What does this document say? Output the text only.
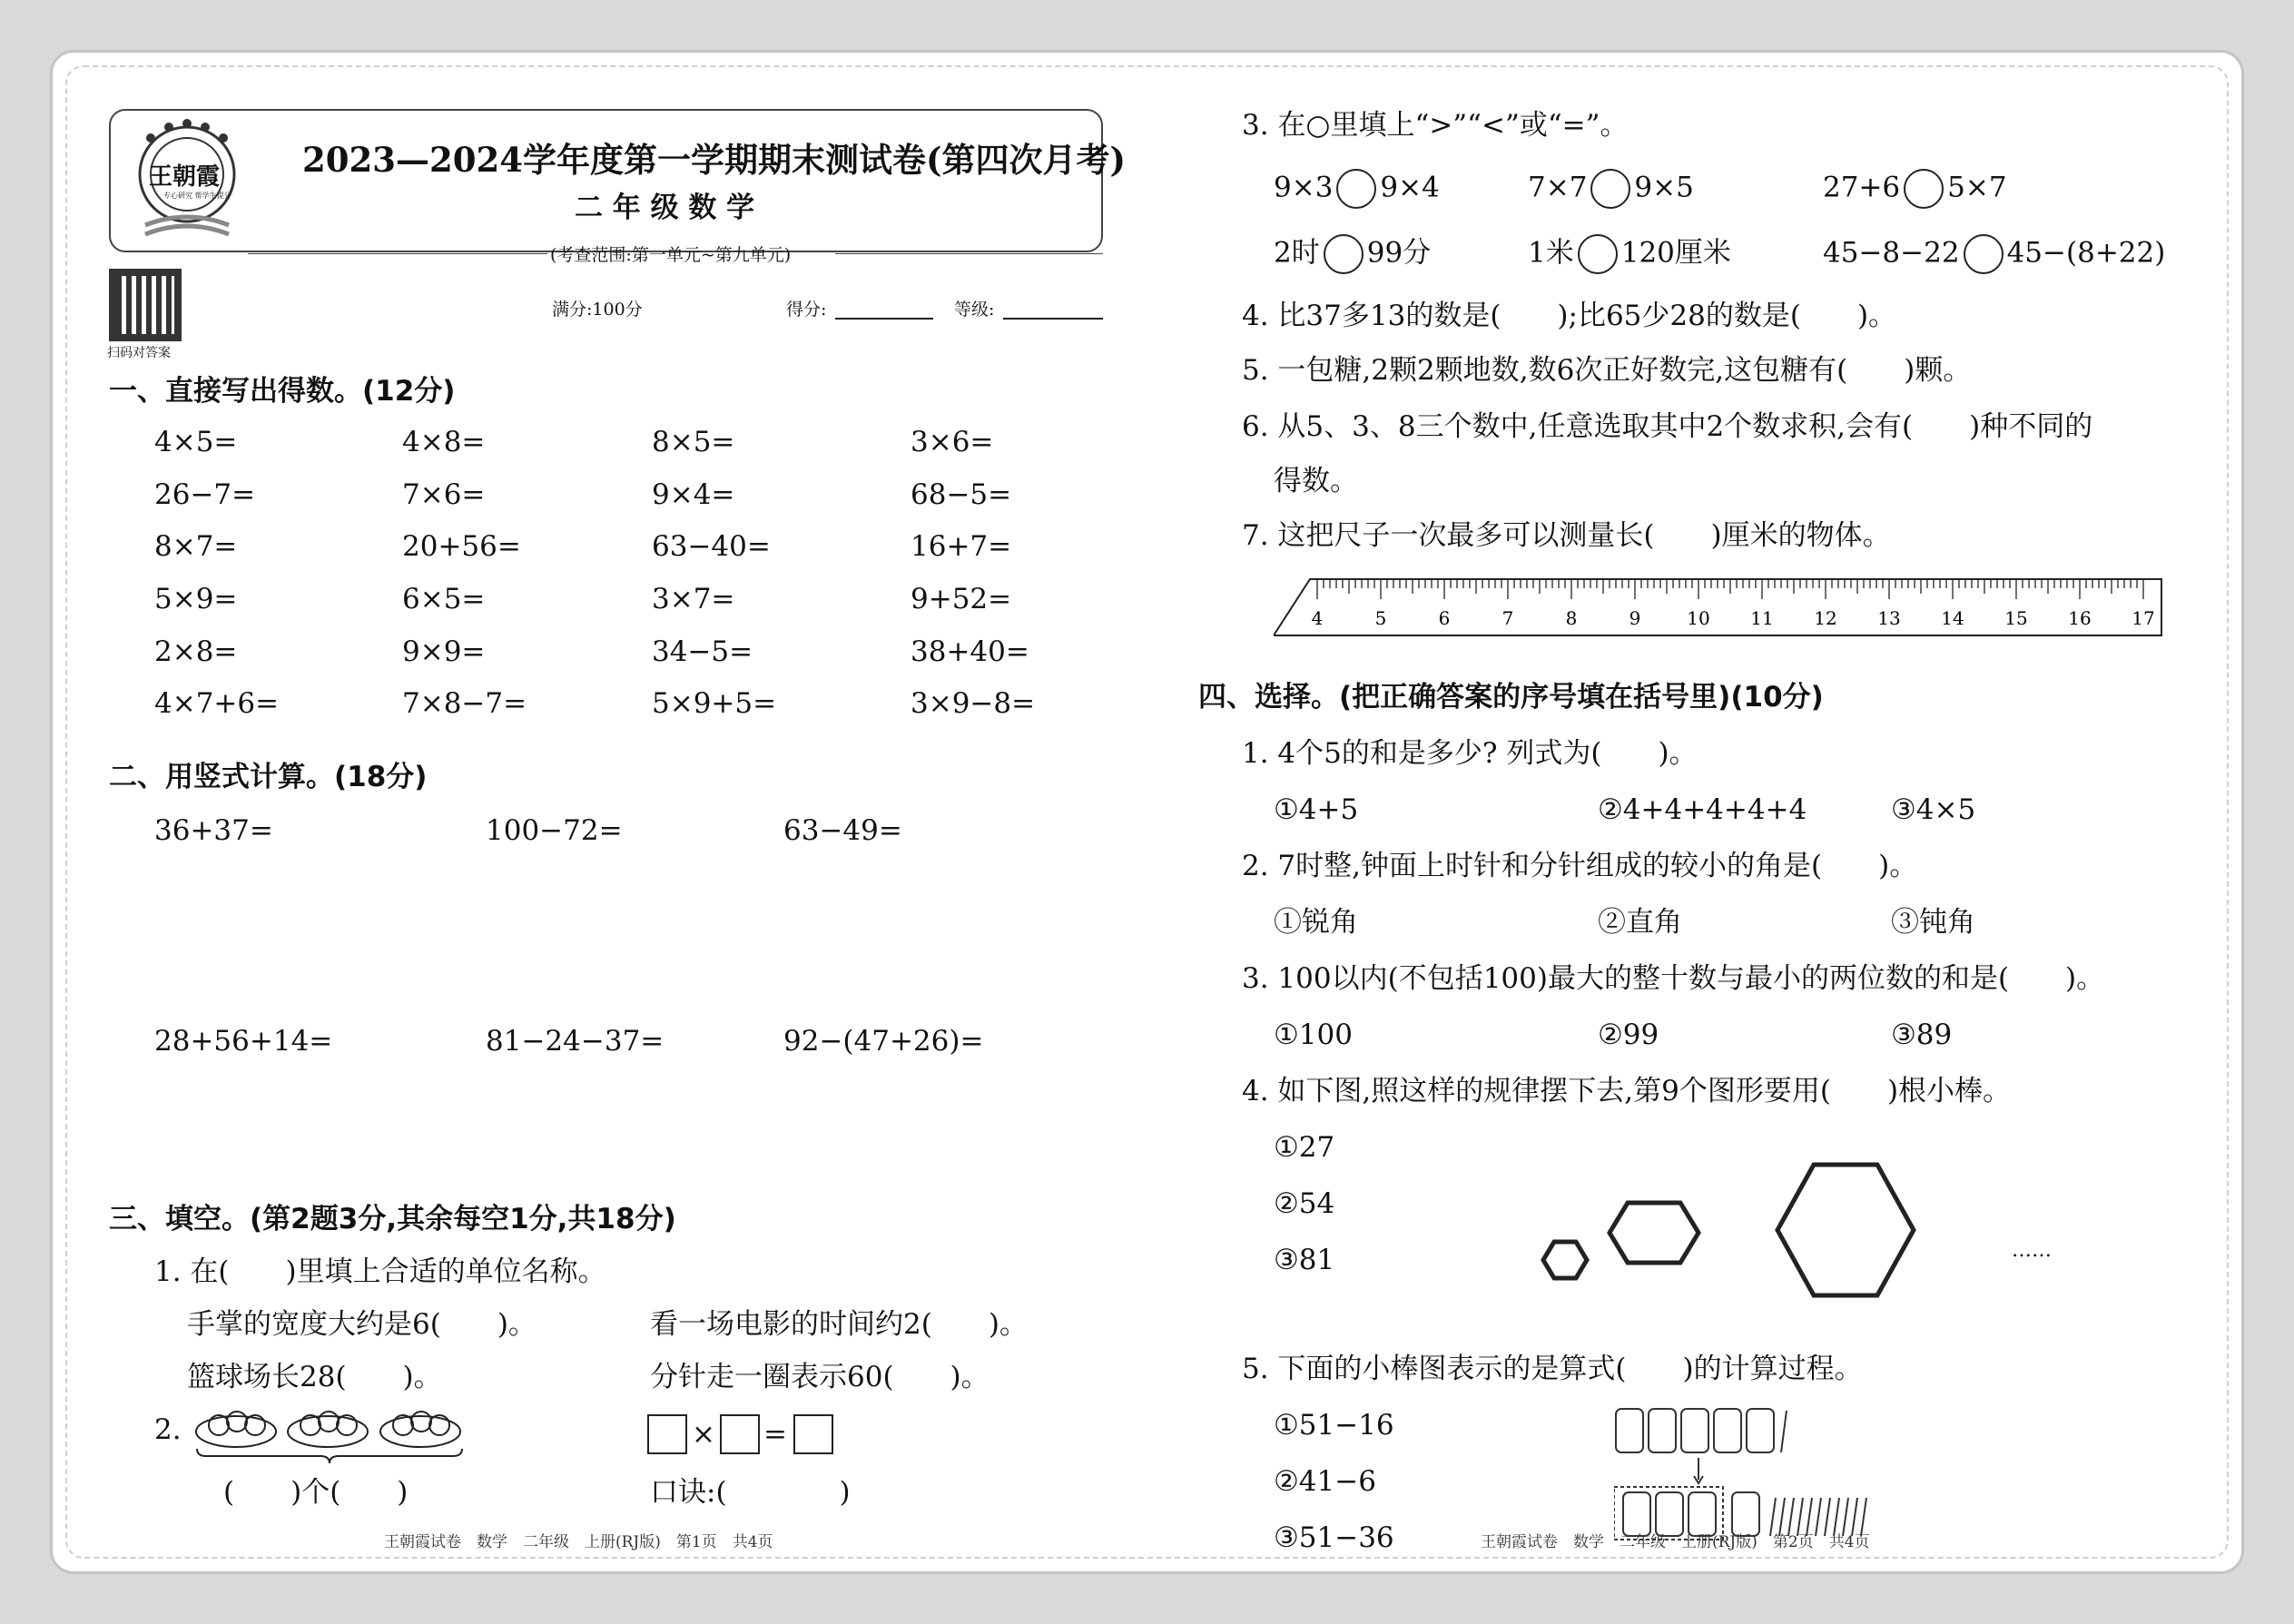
王朝霞
专心研究 帮学生提分
2023—2024学年度第一学期期末测试卷(第四次月考)
二 年 级 数 学
(考查范围:第一单元~第九单元)
扫码对答案
满分:100分	得分:	等级:
一、直接写出得数。(12分)
4×5=	4×8=	8×5=	3×6=
26−7=	7×6=	9×4=	68−5=
8×7=	20+56=	63−40=	16+7=
5×9=	6×5=	3×7=	9+52=
2×8=	9×9=	34−5=	38+40=
4×7+6=	7×8−7=	5×9+5=	3×9−8=
二、用竖式计算。(18分)
36+37=	100−72=	63−49=
28+56+14=	81−24−37=	92−(47+26)=
三、填空。(第2题3分,其余每空1分,共18分)
1. 在(　　)里填上合适的单位名称。
手掌的宽度大约是6(　　)。	看一场电影的时间约2(　　)。
篮球场长28(　　)。	分针走一圈表示60(　　)。
2.	× =
(　　)个(　　)	口诀:(　　　　)
王朝霞试卷　数学　二年级　上册(RJ版)　第1页　共4页
3. 在○里填上“>”“<”或“=”。
9×3 9×4	7×7 9×5	27+6 5×7
2时 99分	1米 120厘米	45−8−22 45−(8+22)
4. 比37多13的数是(　　);比65少28的数是(　　)。
5. 一包糖,2颗2颗地数,数6次正好数完,这包糖有(　　)颗。
6. 从5、3、8三个数中,任意选取其中2个数求积,会有(　　)种不同的
得数。
7. 这把尺子一次最多可以测量长(　　)厘米的物体。
4	5	6	7	8	9	10 11 12 13 14 15 16 17
四、选择。(把正确答案的序号填在括号里)(10分)
1. 4个5的和是多少? 列式为(　　)。
①4+5	②4+4+4+4+4	③4×5
2. 7时整,钟面上时针和分针组成的较小的角是(　　)。
①锐角	②直角	③钝角
3. 100以内(不包括100)最大的整十数与最小的两位数的和是(　　)。
①100	②99	③89
4. 如下图,照这样的规律摆下去,第9个图形要用(　　)根小棒。
①27
②54
③81	……
5. 下面的小棒图表示的是算式(　　)的计算过程。
①51−16
②41−6
③51−36	王朝霞试卷　数学　二年级　上册(RJ版)　第2页　共4页
